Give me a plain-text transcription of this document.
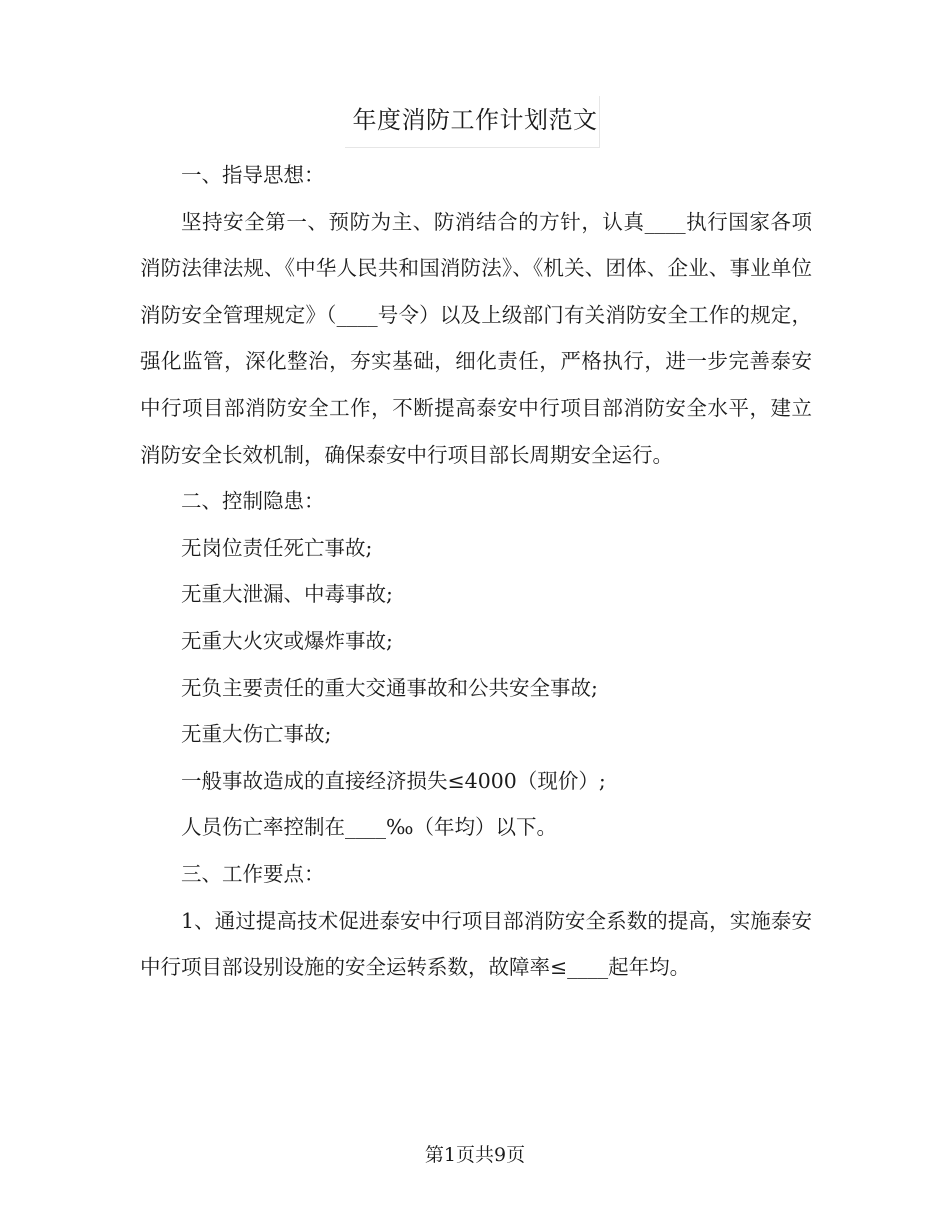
年度消防工作计划范文

一、指导思想：

坚持安全第一、预防为主、防消结合的方针，认真____执行国家各项消防法律法规、《中华人民共和国消防法》、《机关、团体、企业、事业单位消防安全管理规定》（____号令）以及上级部门有关消防安全工作的规定，强化监管，深化整治，夯实基础，细化责任，严格执行，进一步完善泰安中行项目部消防安全工作，不断提高泰安中行项目部消防安全水平，建立消防安全长效机制，确保泰安中行项目部长周期安全运行。

二、控制隐患：

无岗位责任死亡事故;

无重大泄漏、中毒事故;

无重大火灾或爆炸事故;

无负主要责任的重大交通事故和公共安全事故;

无重大伤亡事故;

一般事故造成的直接经济损失≤4000（现价）;

人员伤亡率控制在____‰（年均）以下。

三、工作要点：

1、通过提高技术促进泰安中行项目部消防安全系数的提高，实施泰安中行项目部设别设施的安全运转系数，故障率≤____起年均。

第1页共9页
